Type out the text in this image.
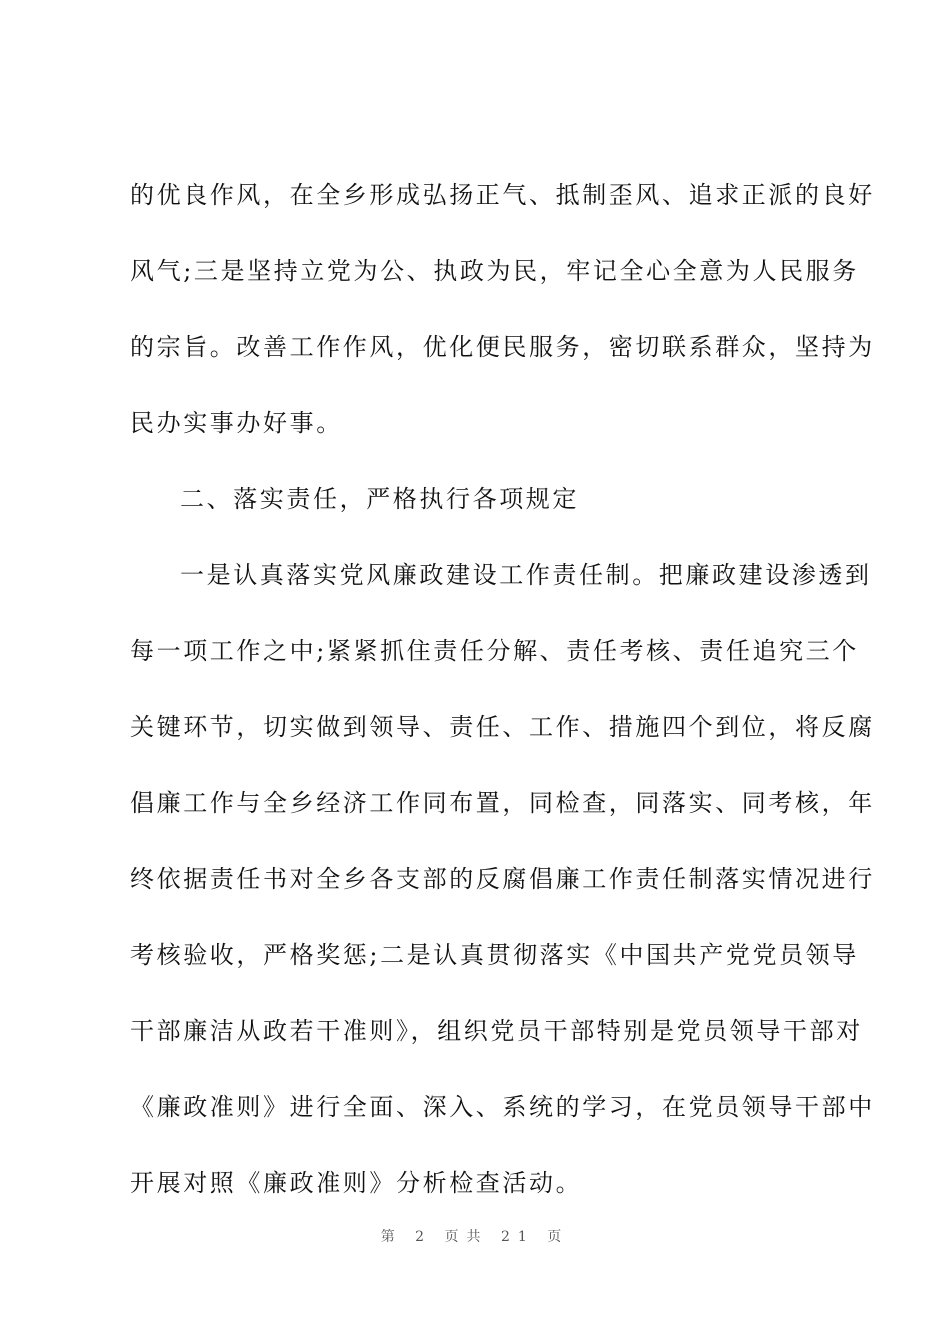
的优良作风，在全乡形成弘扬正气、抵制歪风、追求正派的良好
风气;三是坚持立党为公、执政为民，牢记全心全意为人民服务
的宗旨。改善工作作风，优化便民服务，密切联系群众，坚持为
民办实事办好事。
二、落实责任，严格执行各项规定
一是认真落实党风廉政建设工作责任制。把廉政建设渗透到
每一项工作之中;紧紧抓住责任分解、责任考核、责任追究三个
关键环节，切实做到领导、责任、工作、措施四个到位，将反腐
倡廉工作与全乡经济工作同布置，同检查，同落实、同考核，年
终依据责任书对全乡各支部的反腐倡廉工作责任制落实情况进行
考核验收，严格奖惩;二是认真贯彻落实《中国共产党党员领导
干部廉洁从政若干准则》，组织党员干部特别是党员领导干部对
《廉政准则》进行全面、深入、系统的学习，在党员领导干部中
开展对照《廉政准则》分析检查活动。
第 2 页共 21 页
